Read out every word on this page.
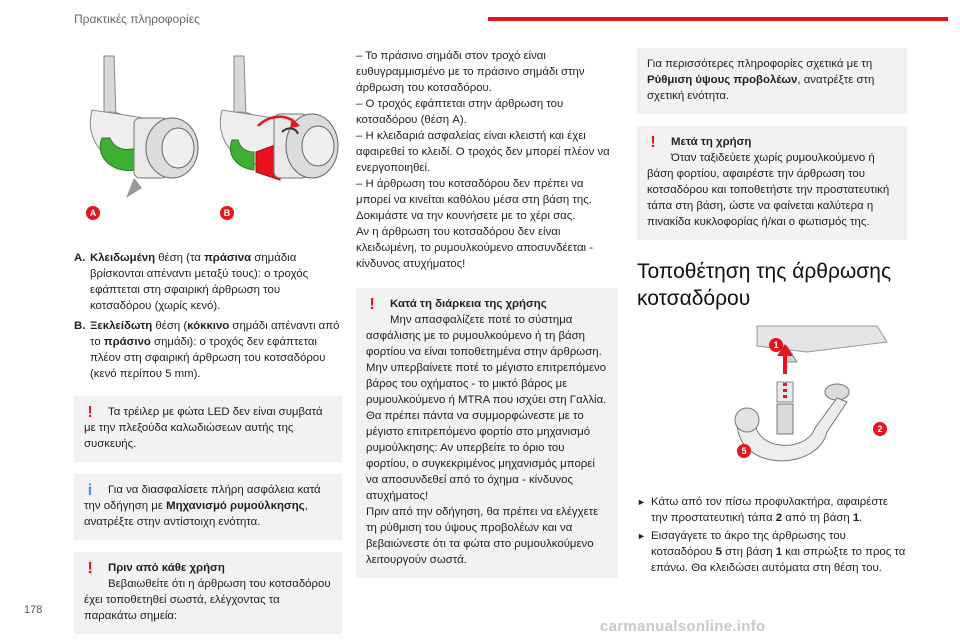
Πρακτικές πληροφορίες
A	B
A. Κλειδωμένη θέση (τα πράσινα σημάδια βρίσκονται απέναντι μεταξύ τους): ο τροχός εφάπτεται στη σφαιρική άρθρωση του κοτσαδόρου (χωρίς κενό).
B. Ξεκλείδωτη θέση (κόκκινο σημάδι απέναντι από το πράσινο σημάδι): ο τροχός δεν εφάπτεται πλέον στη σφαιρική άρθρωση του κοτσαδόρου (κενό περίπου 5 mm).
!	Τα τρέιλερ με φώτα LED δεν είναι συμβατά με την πλεξούδα καλωδιώσεων αυτής της συσκευής.

i	Για να διασφαλίσετε πλήρη ασφάλεια κατά την οδήγηση με Μηχανισμό ρυμούλκησης, ανατρέξτε στην αντίστοιχη ενότητα.

! Πριν από κάθε χρήση

Βεβαιωθείτε ότι η άρθρωση του κοτσαδόρου έχει τοποθετηθεί σωστά, ελέγχοντας τα παρακάτω σημεία:

– Το πράσινο σημάδι στον τροχό είναι ευθυγραμμισμένο με το πράσινο σημάδι στην άρθρωση του κοτσαδόρου.

– Ο τροχός εφάπτεται στην άρθρωση του κοτσαδόρου (θέση A).

– Η κλειδαριά ασφαλείας είναι κλειστή και έχει αφαιρεθεί το κλειδί. Ο τροχός δεν μπορεί πλέον να ενεργοποιηθεί.

– Η άρθρωση του κοτσαδόρου δεν πρέπει να μπορεί να κινείται καθόλου μέσα στη βάση της. Δοκιμάστε να την κουνήσετε με το χέρι σας.

Αν η άρθρωση του κοτσαδόρου δεν είναι κλειδωμένη, το ρυμουλκούμενο αποσυνδέεται - κίνδυνος ατυχήματος!

! Κατά τη διάρκεια της χρήσης

Μην απασφαλίζετε ποτέ το σύστημα ασφάλισης με το ρυμουλκούμενο ή τη βάση φορτίου να είναι τοποθετημένα στην άρθρωση.

Μην υπερβαίνετε ποτέ το μέγιστο επιτρεπόμενο βάρος του οχήματος - το μικτό βάρος με ρυμουλκούμενο ή MTRA που ισχύει στη Γαλλία.

Θα πρέπει πάντα να συμμορφώνεστε με το μέγιστο επιτρεπόμενο φορτίο στο μηχανισμό ρυμούλκησης: Αν υπερβείτε το όριο του φορτίου, ο συγκεκριμένος μηχανισμός μπορεί να αποσυνδεθεί από το όχημα - κίνδυνος ατυχήματος!

Πριν από την οδήγηση, θα πρέπει να ελέγχετε τη ρύθμιση του ύψους προβολέων και να βεβαιώνεστε ότι τα φώτα στο ρυμουλκούμενο λειτουργούν σωστά.

Για περισσότερες πληροφορίες σχετικά με τη Ρύθμιση ύψους προβολέων, ανατρέξτε στη σχετική ενότητα.

! Μετά τη χρήση

Όταν ταξιδεύετε χωρίς ρυμουλκούμενο ή βάση φορτίου, αφαιρέστε την άρθρωση του κοτσαδόρου και τοποθετήστε την προστατευτική τάπα στη βάση, ώστε να φαίνεται καλύτερα η πινακίδα κυκλοφορίας ή/και ο φωτισμός της.

Τοποθέτηση της άρθρωσης κοτσαδόρου
1
2
5
► Κάτω από τον πίσω προφυλακτήρα, αφαιρέστε την προστατευτική τάπα 2 από τη βάση 1.
► Εισαγάγετε το άκρο της άρθρωσης του κοτσαδόρου 5 στη βάση 1 και σπρώξτε το προς τα επάνω. Θα κλειδώσει αυτόματα στη θέση του.
178
carmanualsonline.info
